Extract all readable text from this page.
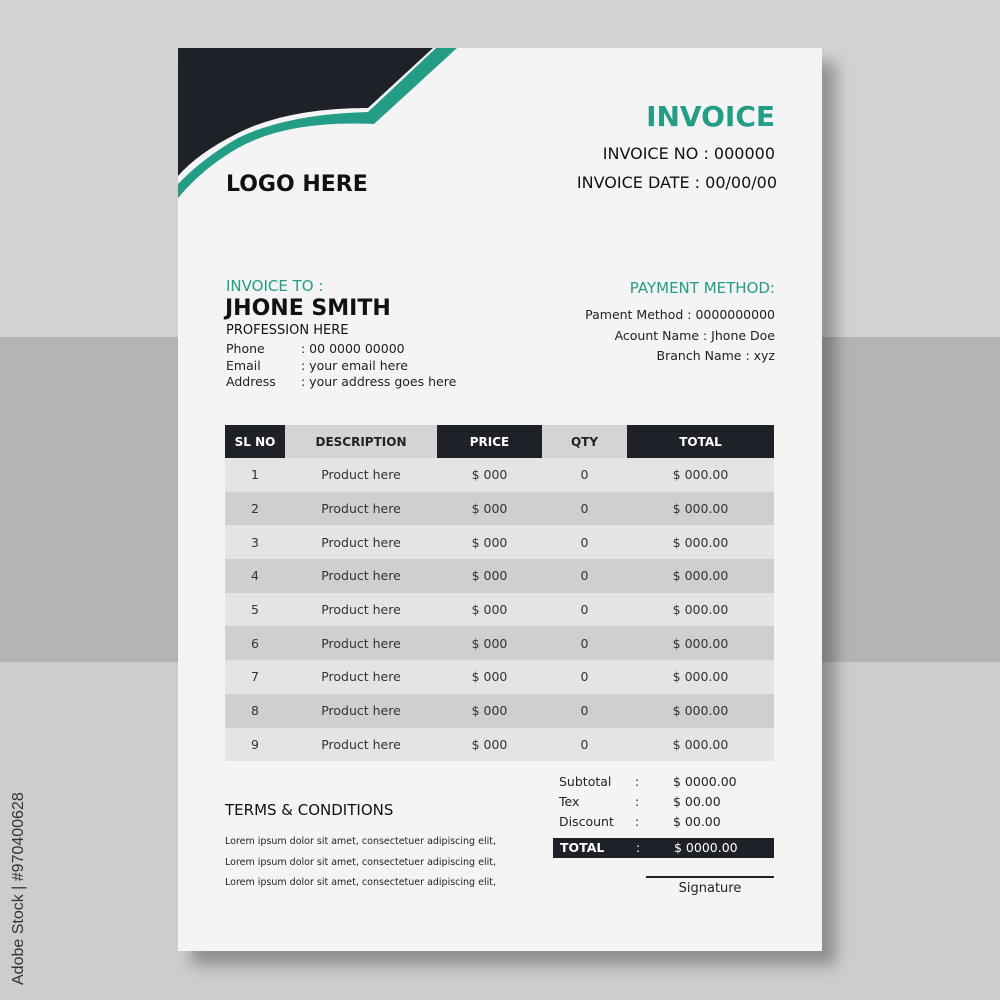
Adobe Stock | #970400628
LOGO HERE
INVOICE
INVOICE NO : 000000
INVOICE DATE : 00/00/00
INVOICE TO :
JHONE SMITH
PROFESSION HERE
Phone	: 00 0000 00000
Email	: your email here
Address : your address goes here
PAYMENT METHOD:
Pament Method : 0000000000
Acount Name : Jhone Doe
Branch Name : xyz
SL NO	DESCRIPTION	PRICE	QTY	TOTAL
1	Product here	$ 000	0	$ 000.00
2	Product here	$ 000	0	$ 000.00
3	Product here	$ 000	0	$ 000.00
4	Product here	$ 000	0	$ 000.00
5	Product here	$ 000	0	$ 000.00
6	Product here	$ 000	0	$ 000.00
7	Product here	$ 000	0	$ 000.00
8	Product here	$ 000	0	$ 000.00
9	Product here	$ 000	0	$ 000.00
Subtotal :	$ 0000.00
Tex	:	$ 00.00
Discount :	$ 00.00
TOTAL	:	$ 0000.00
TERMS & CONDITIONS
Lorem ipsum dolor sit amet, consectetuer adipiscing elit,
Lorem ipsum dolor sit amet, consectetuer adipiscing elit,
Lorem ipsum dolor sit amet, consectetuer adipiscing elit,	Signature
